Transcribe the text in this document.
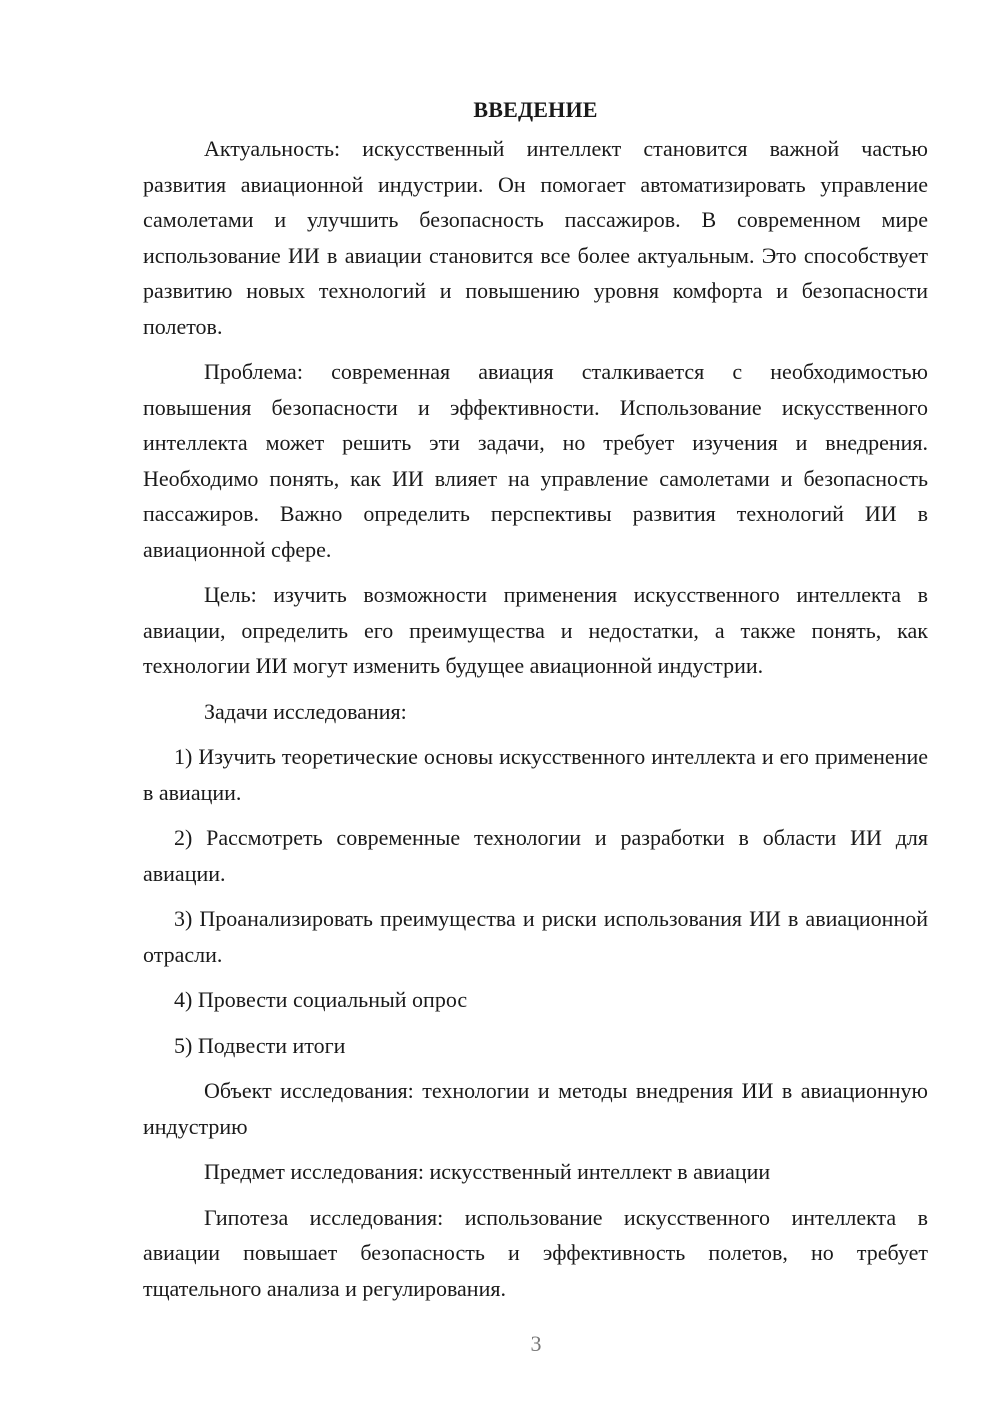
ВВЕДЕНИЕ

Актуальность: искусственный интеллект становится важной частью развития авиационной индустрии. Он помогает автоматизировать управление самолетами и улучшить безопасность пассажиров. В современном мире использование ИИ в авиации становится все более актуальным. Это способствует развитию новых технологий и повышению уровня комфорта и безопасности полетов.

Проблема: современная авиация сталкивается с необходимостью повышения безопасности и эффективности. Использование искусственного интеллекта может решить эти задачи, но требует изучения и внедрения. Необходимо понять, как ИИ влияет на управление самолетами и безопасность пассажиров. Важно определить перспективы развития технологий ИИ в авиационной сфере.

Цель: изучить возможности применения искусственного интеллекта в авиации, определить его преимущества и недостатки, а также понять, как технологии ИИ могут изменить будущее авиационной индустрии.

Задачи исследования:

1) Изучить теоретические основы искусственного интеллекта и его применение в авиации.

2) Рассмотреть современные технологии и разработки в области ИИ для авиации.

3) Проанализировать преимущества и риски использования ИИ в авиационной отрасли.

4) Провести социальный опрос

5) Подвести итоги

Объект исследования: технологии и методы внедрения ИИ в авиационную индустрию

Предмет исследования: искусственный интеллект в авиации

Гипотеза исследования: использование искусственного интеллекта в авиации повышает безопасность и эффективность полетов, но требует тщательного анализа и регулирования.

3
